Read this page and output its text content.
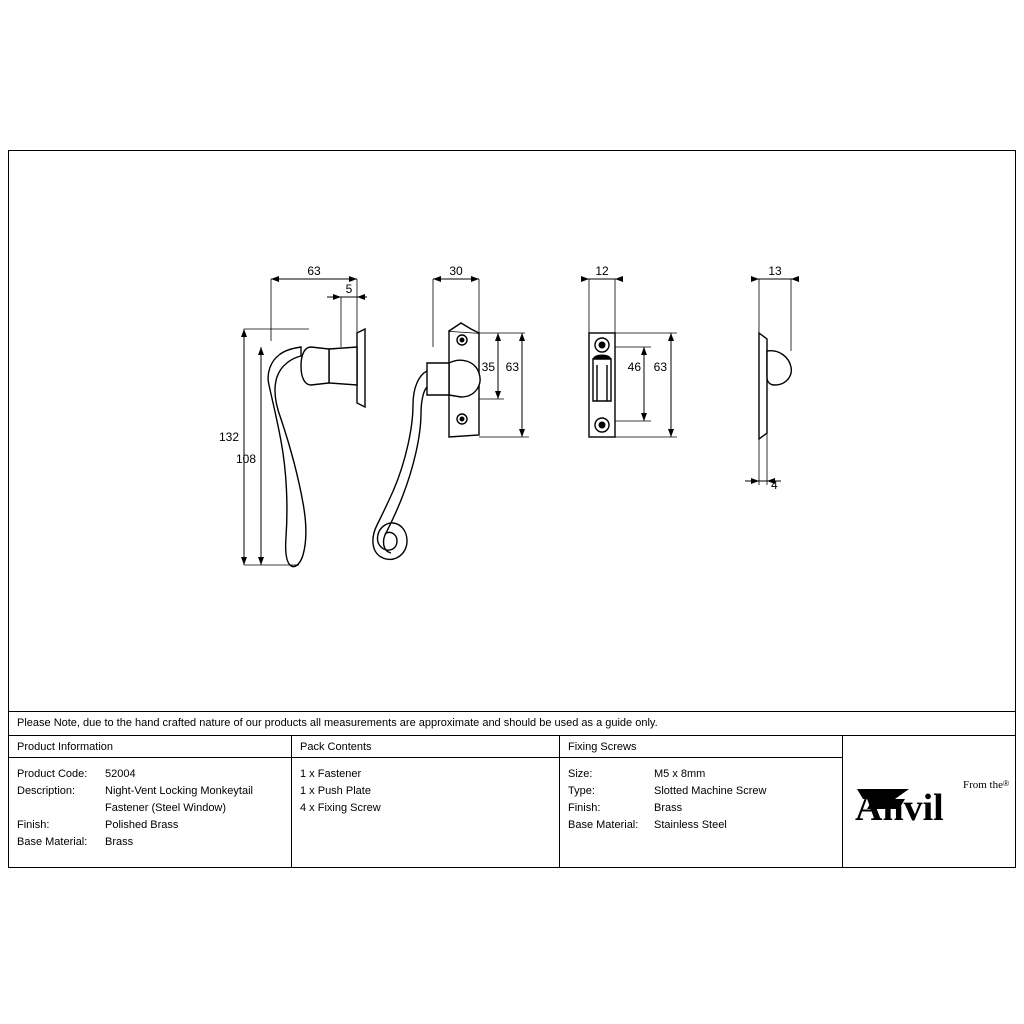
63
5
132
108
30
35 63
12
46 63
13
4
Please Note, due to the hand crafted nature of our products all measurements are approximate and should be used as a guide only.
Product Information
Product Code:	52004
Description:	Night-Vent Locking Monkeytail
Fastener (Steel Window)
Finish:	Polished Brass
Base Material:	Brass
Pack Contents
1 x Fastener
1 x Push Plate
4 x Fixing Screw
Fixing Screws
Size:	M5 x 8mm
Type:	Slotted Machine Screw
Finish:	Brass
Base Material:	Stainless Steel
From the
Anvil
®
